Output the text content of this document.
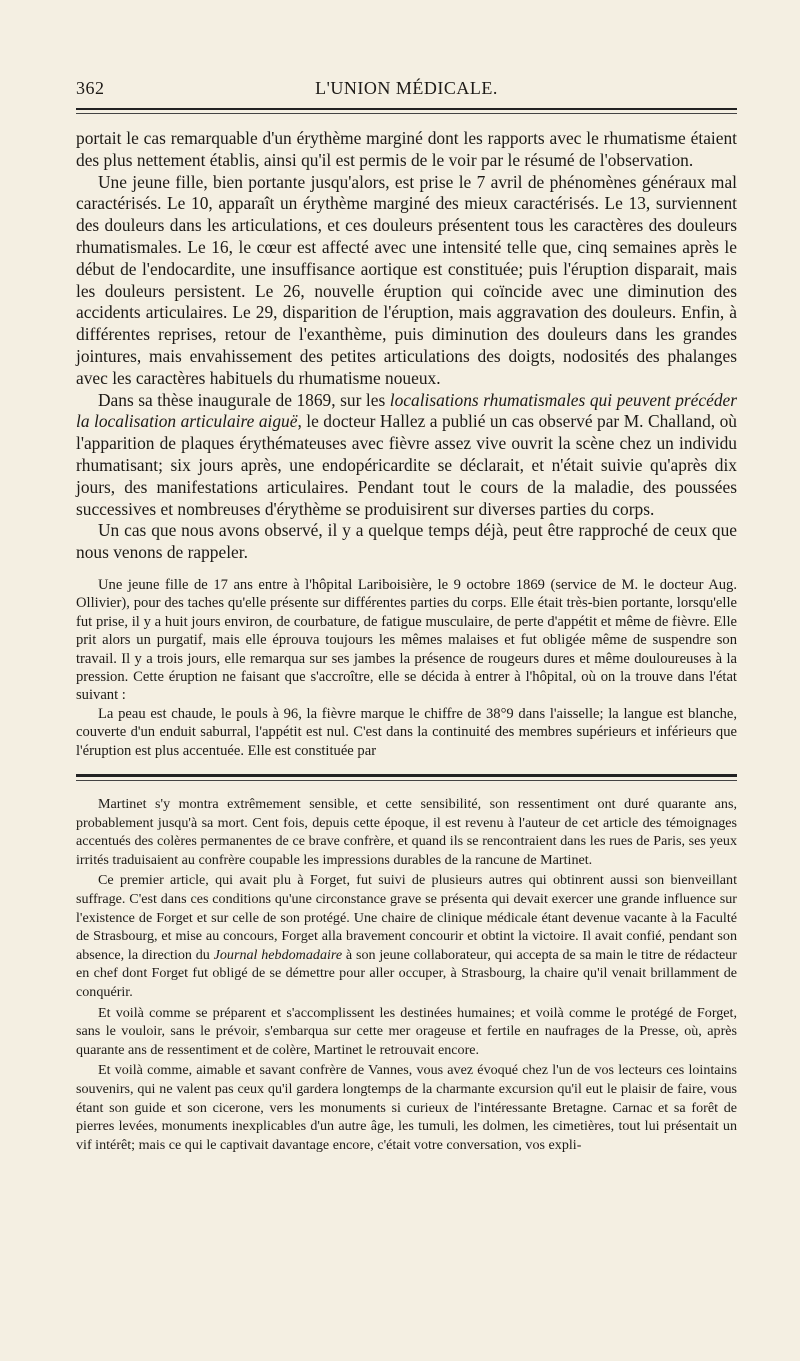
362	L'UNION MÉDICALE.

portait le cas remarquable d'un érythème marginé dont les rapports avec le rhumatisme étaient des plus nettement établis, ainsi qu'il est permis de le voir par le résumé de l'observation.

Une jeune fille, bien portante jusqu'alors, est prise le 7 avril de phénomènes généraux mal caractérisés. Le 10, apparaît un érythème marginé des mieux caractérisés. Le 13, surviennent des douleurs dans les articulations, et ces douleurs présentent tous les caractères des douleurs rhumatismales. Le 16, le cœur est affecté avec une intensité telle que, cinq semaines après le début de l'endocardite, une insuffisance aortique est constituée; puis l'éruption disparait, mais les douleurs persistent. Le 26, nouvelle éruption qui coïncide avec une diminution des accidents articulaires. Le 29, disparition de l'éruption, mais aggravation des douleurs. Enfin, à différentes reprises, retour de l'exanthème, puis diminution des douleurs dans les grandes jointures, mais envahissement des petites articulations des doigts, nodosités des phalanges avec les caractères habituels du rhumatisme noueux.

Dans sa thèse inaugurale de 1869, sur les localisations rhumatismales qui peuvent précéder la localisation articulaire aiguë, le docteur Hallez a publié un cas observé par M. Challand, où l'apparition de plaques érythémateuses avec fièvre assez vive ouvrit la scène chez un individu rhumatisant; six jours après, une endopéricardite se déclarait, et n'était suivie qu'après dix jours, des manifestations articulaires. Pendant tout le cours de la maladie, des poussées successives et nombreuses d'érythème se produisirent sur diverses parties du corps.

Un cas que nous avons observé, il y a quelque temps déjà, peut être rapproché de ceux que nous venons de rappeler.

Une jeune fille de 17 ans entre à l'hôpital Lariboisière, le 9 octobre 1869 (service de M. le docteur Aug. Ollivier), pour des taches qu'elle présente sur différentes parties du corps. Elle était très-bien portante, lorsqu'elle fut prise, il y a huit jours environ, de courbature, de fatigue musculaire, de perte d'appétit et même de fièvre. Elle prit alors un purgatif, mais elle éprouva toujours les mêmes malaises et fut obligée même de suspendre son travail. Il y a trois jours, elle remarqua sur ses jambes la présence de rougeurs dures et même douloureuses à la pression. Cette éruption ne faisant que s'accroître, elle se décida à entrer à l'hôpital, où on la trouve dans l'état suivant :

La peau est chaude, le pouls à 96, la fièvre marque le chiffre de 38°9 dans l'aisselle; la langue est blanche, couverte d'un enduit saburral, l'appétit est nul. C'est dans la continuité des membres supérieurs et inférieurs que l'éruption est plus accentuée. Elle est constituée par

Martinet s'y montra extrêmement sensible, et cette sensibilité, son ressentiment ont duré quarante ans, probablement jusqu'à sa mort. Cent fois, depuis cette époque, il est revenu à l'auteur de cet article des témoignages accentués des colères permanentes de ce brave confrère, et quand ils se rencontraient dans les rues de Paris, ses yeux irrités traduisaient au confrère coupable les impressions durables de la rancune de Martinet.

Ce premier article, qui avait plu à Forget, fut suivi de plusieurs autres qui obtinrent aussi son bienveillant suffrage. C'est dans ces conditions qu'une circonstance grave se présenta qui devait exercer une grande influence sur l'existence de Forget et sur celle de son protégé. Une chaire de clinique médicale étant devenue vacante à la Faculté de Strasbourg, et mise au concours, Forget alla bravement concourir et obtint la victoire. Il avait confié, pendant son absence, la direction du Journal hebdomadaire à son jeune collaborateur, qui accepta de sa main le titre de rédacteur en chef dont Forget fut obligé de se démettre pour aller occuper, à Strasbourg, la chaire qu'il venait brillamment de conquérir.

Et voilà comme se préparent et s'accomplissent les destinées humaines; et voilà comme le protégé de Forget, sans le vouloir, sans le prévoir, s'embarqua sur cette mer orageuse et fertile en naufrages de la Presse, où, après quarante ans de ressentiment et de colère, Martinet le retrouvait encore.

Et voilà comme, aimable et savant confrère de Vannes, vous avez évoqué chez l'un de vos lecteurs ces lointains souvenirs, qui ne valent pas ceux qu'il gardera longtemps de la charmante excursion qu'il eut le plaisir de faire, vous étant son guide et son cicerone, vers les monuments si curieux de l'intéressante Bretagne. Carnac et sa forêt de pierres levées, monuments inexplicables d'un autre âge, les tumuli, les dolmen, les cimetières, tout lui présentait un vif intérêt; mais ce qui le captivait davantage encore, c'était votre conversation, vos expli-
